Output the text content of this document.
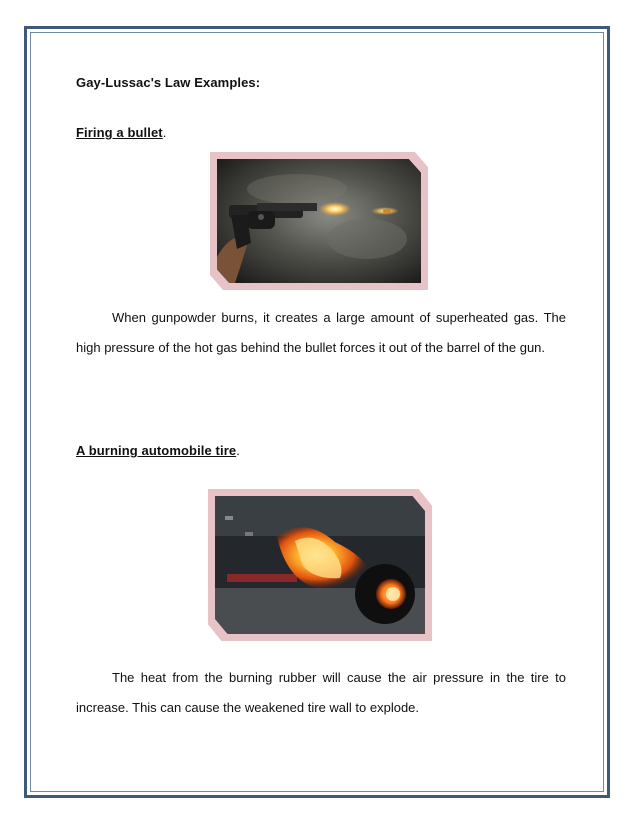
Gay-Lussac's Law Examples:
Firing a bullet.

When gunpowder burns, it creates a large amount of superheated gas. The high pressure of the hot gas behind the bullet forces it out of the barrel of the gun.

A burning automobile tire.

The heat from the burning rubber will cause the air pressure in the tire to increase. This can cause the weakened tire wall to explode.
